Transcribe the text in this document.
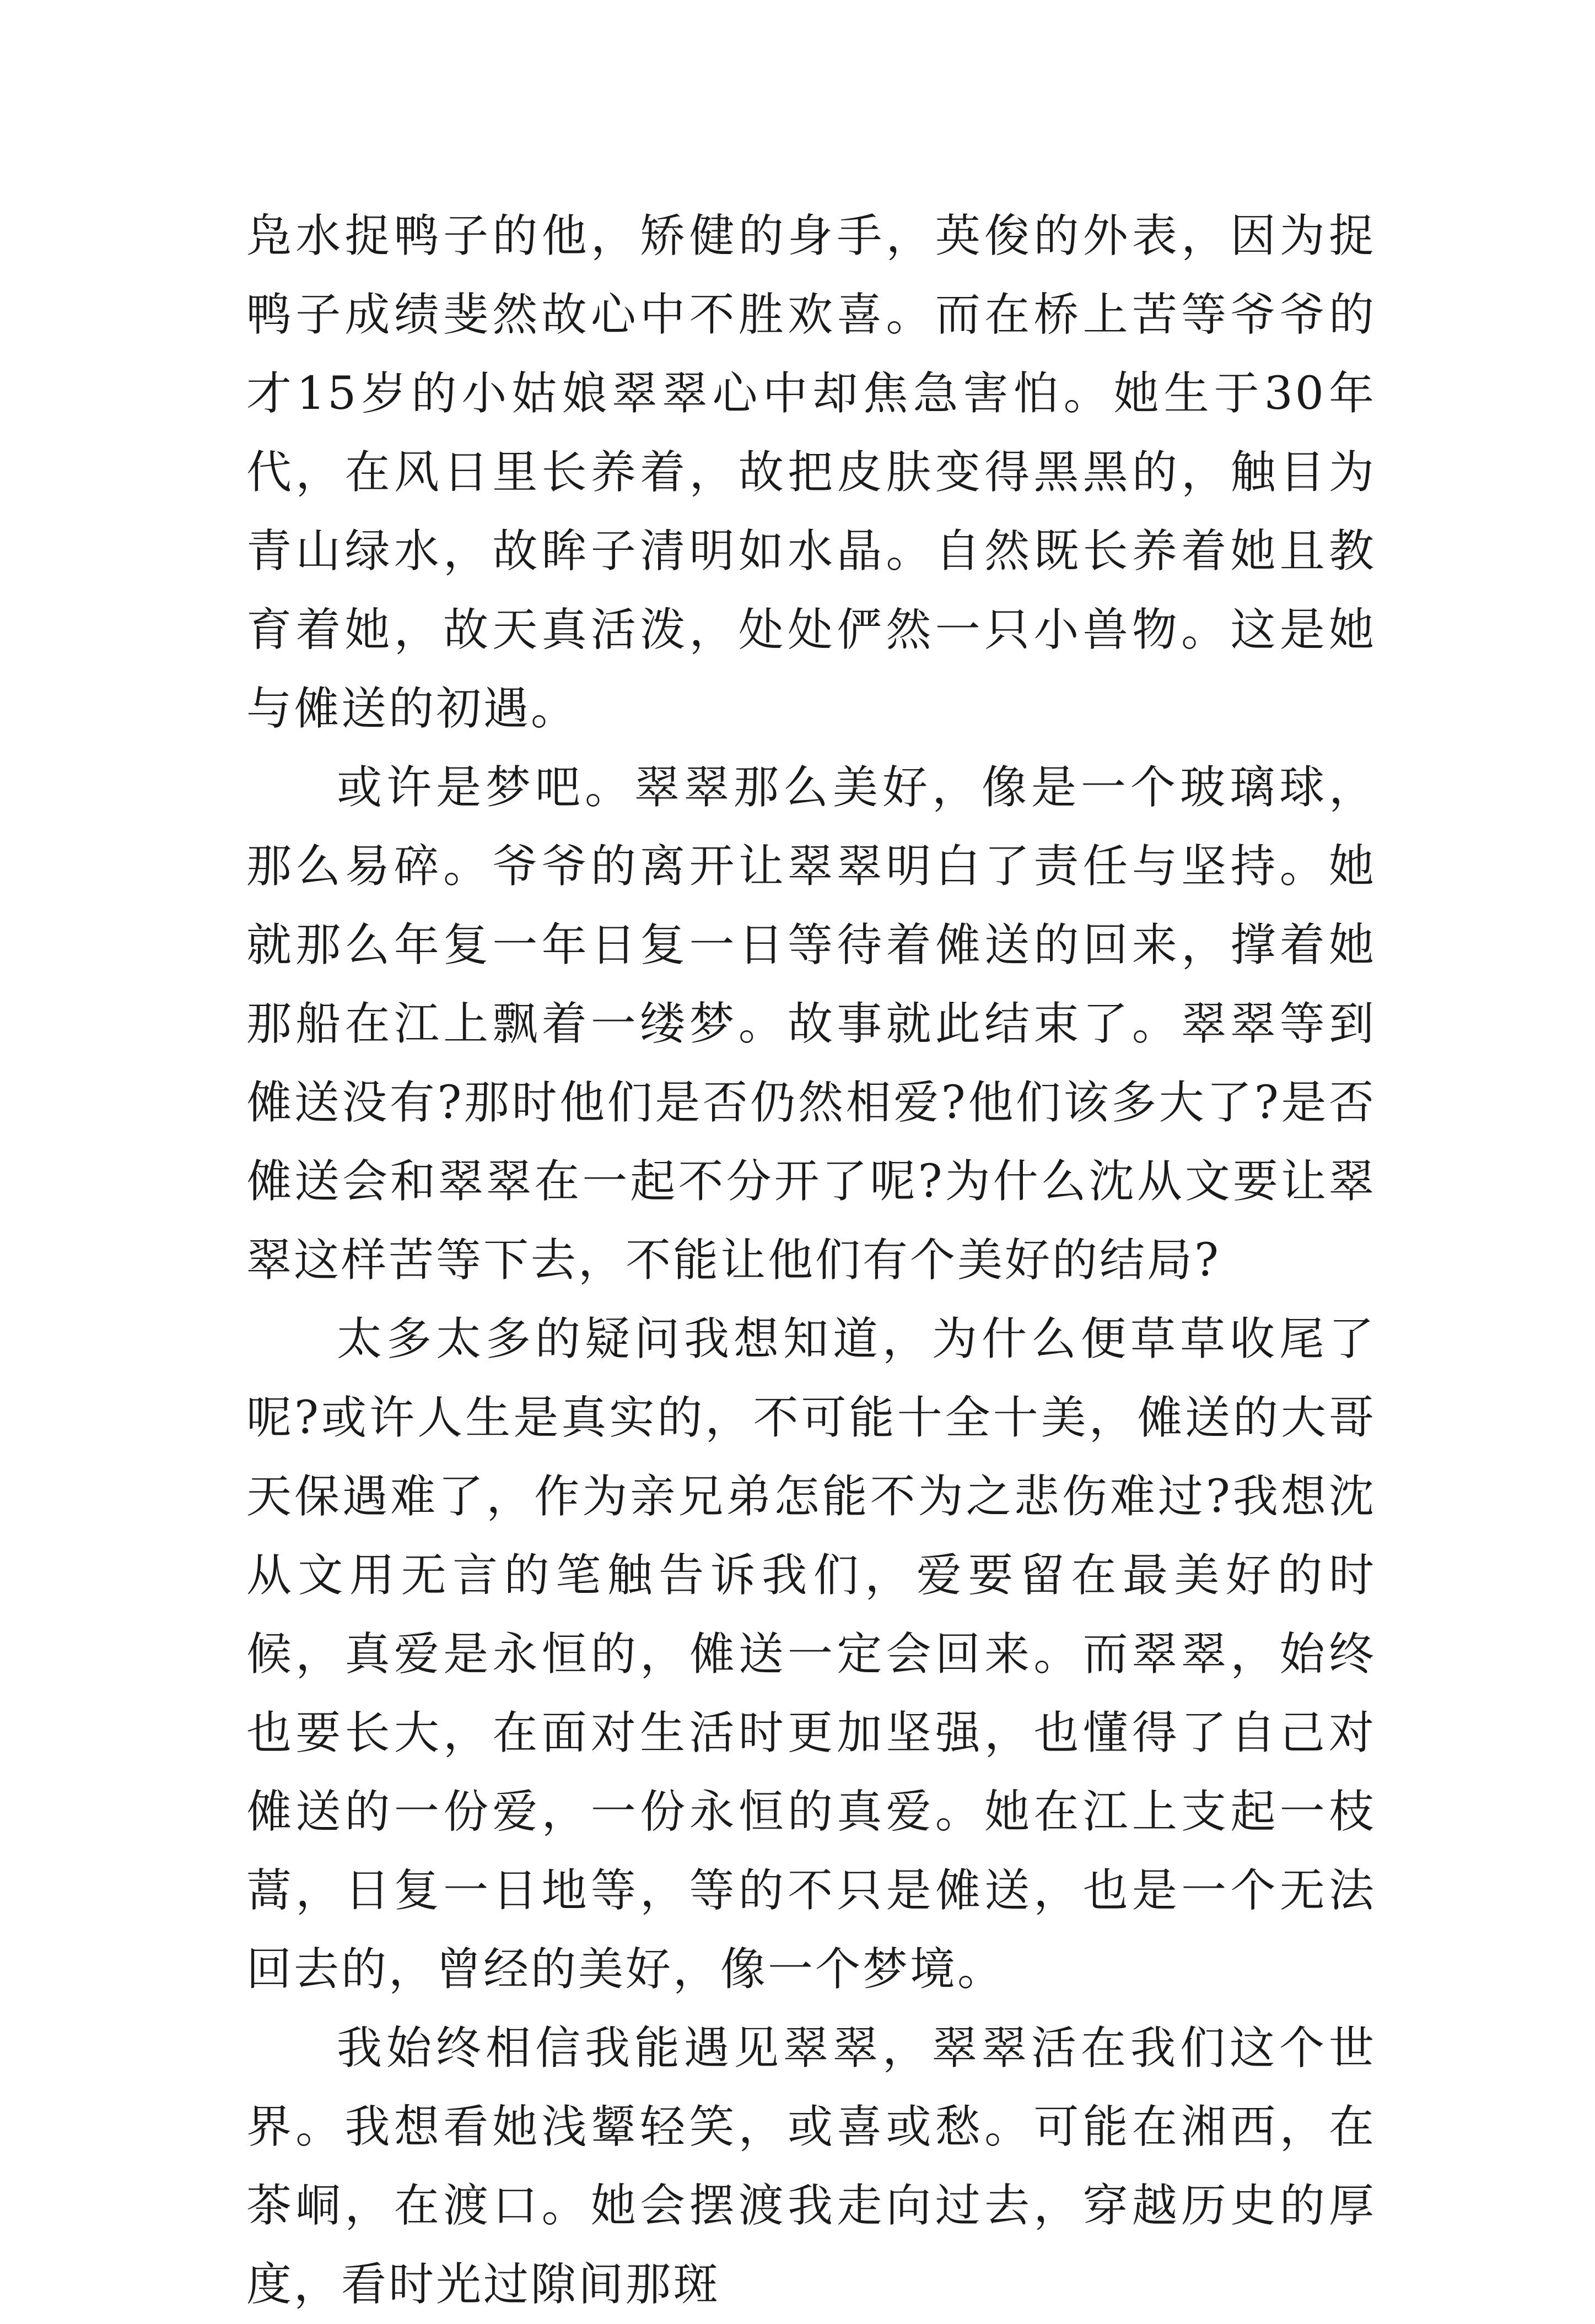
凫水捉鸭子的他，矫健的身手，英俊的外表，因为捉鸭子成绩斐然故心中不胜欢喜。而在桥上苦等爷爷的才15岁的小姑娘翠翠心中却焦急害怕。她生于30年代，在风日里长养着，故把皮肤变得黑黑的，触目为青山绿水，故眸子清明如水晶。自然既长养着她且教育着她，故天真活泼，处处俨然一只小兽物。这是她与傩送的初遇。

或许是梦吧。翠翠那么美好，像是一个玻璃球，那么易碎。爷爷的离开让翠翠明白了责任与坚持。她就那么年复一年日复一日等待着傩送的回来，撑着她那船在江上飘着一缕梦。故事就此结束了。翠翠等到傩送没有?那时他们是否仍然相爱?他们该多大了?是否傩送会和翠翠在一起不分开了呢?为什么沈从文要让翠翠这样苦等下去，不能让他们有个美好的结局?

太多太多的疑问我想知道，为什么便草草收尾了呢?或许人生是真实的，不可能十全十美，傩送的大哥天保遇难了，作为亲兄弟怎能不为之悲伤难过?我想沈从文用无言的笔触告诉我们，爱要留在最美好的时候，真爱是永恒的，傩送一定会回来。而翠翠，始终也要长大，在面对生活时更加坚强，也懂得了自己对傩送的一份爱，一份永恒的真爱。她在江上支起一枝蒿，日复一日地等，等的不只是傩送，也是一个无法回去的，曾经的美好，像一个梦境。

我始终相信我能遇见翠翠，翠翠活在我们这个世界。我想看她浅颦轻笑，或喜或愁。可能在湘西，在茶峒，在渡口。她会摆渡我走向过去，穿越历史的厚度，看时光过隙间那斑
